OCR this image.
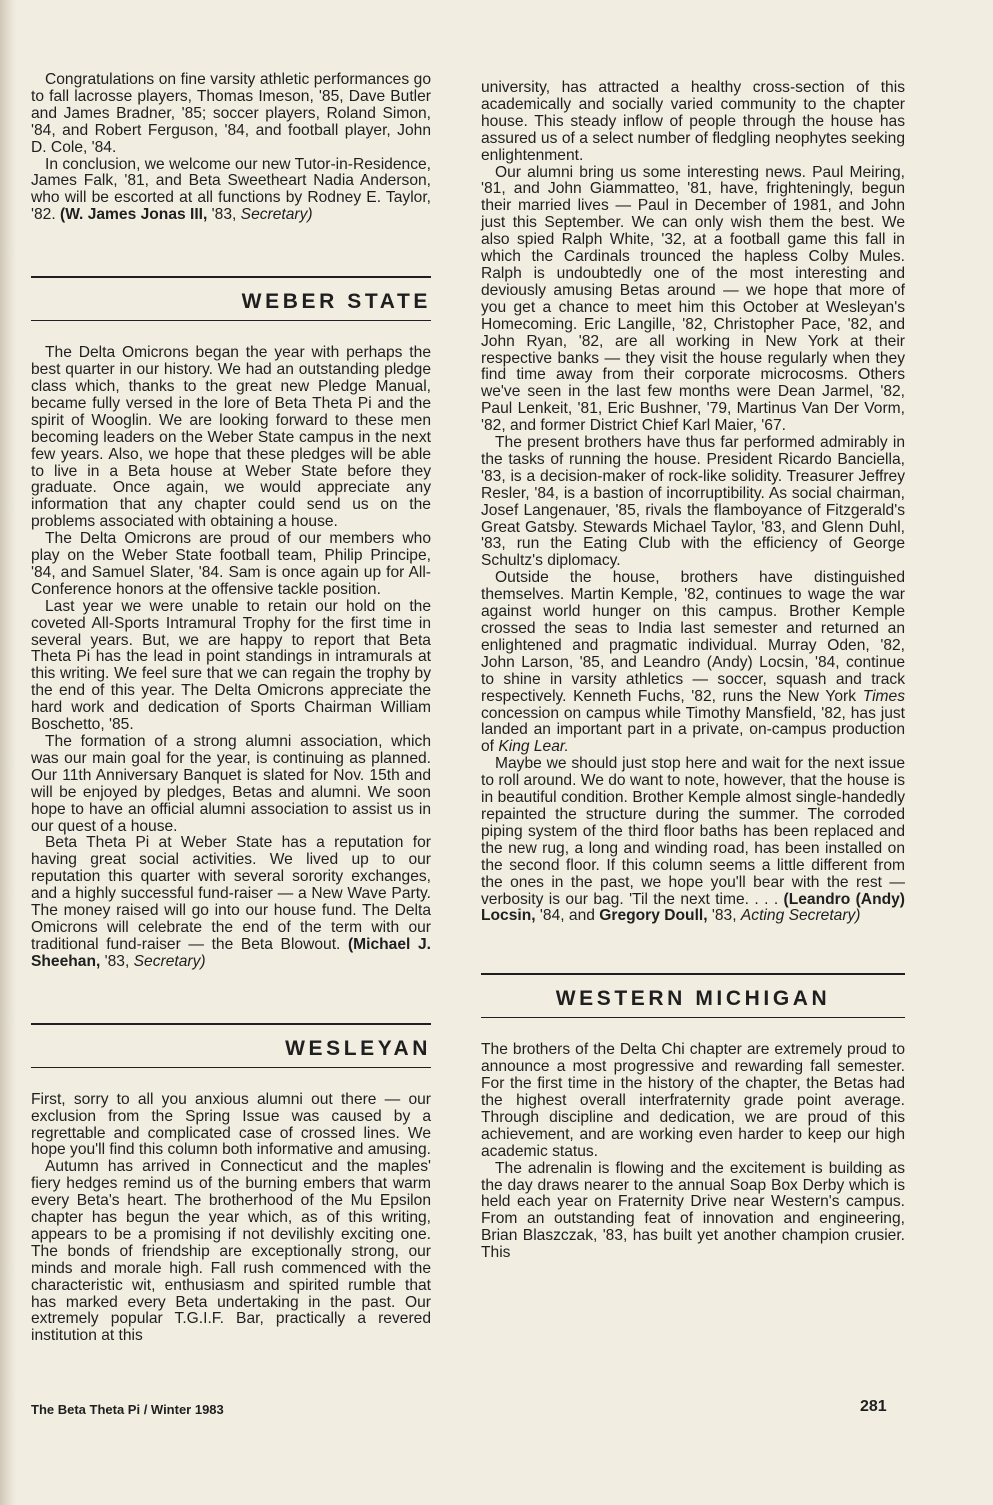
Congratulations on fine varsity athletic performances go to fall lacrosse players, Thomas Imeson, '85, Dave Butler and James Bradner, '85; soccer players, Roland Simon, '84, and Robert Ferguson, '84, and football player, John D. Cole, '84.

In conclusion, we welcome our new Tutor-in-Residence, James Falk, '81, and Beta Sweetheart Nadia Anderson, who will be escorted at all functions by Rodney E. Taylor, '82. (W. James Jonas III, '83, Secretary)

WEBER STATE

The Delta Omicrons began the year with perhaps the best quarter in our history. We had an outstanding pledge class which, thanks to the great new Pledge Manual, became fully versed in the lore of Beta Theta Pi and the spirit of Wooglin. We are looking forward to these men becoming leaders on the Weber State campus in the next few years. Also, we hope that these pledges will be able to live in a Beta house at Weber State before they graduate. Once again, we would appreciate any information that any chapter could send us on the problems associated with obtaining a house.

The Delta Omicrons are proud of our members who play on the Weber State football team, Philip Principe, '84, and Samuel Slater, '84. Sam is once again up for All-Conference honors at the offensive tackle position.

Last year we were unable to retain our hold on the coveted All-Sports Intramural Trophy for the first time in several years. But, we are happy to report that Beta Theta Pi has the lead in point standings in intramurals at this writing. We feel sure that we can regain the trophy by the end of this year. The Delta Omicrons appreciate the hard work and dedication of Sports Chairman William Boschetto, '85.

The formation of a strong alumni association, which was our main goal for the year, is continuing as planned. Our 11th Anniversary Banquet is slated for Nov. 15th and will be enjoyed by pledges, Betas and alumni. We soon hope to have an official alumni association to assist us in our quest of a house.

Beta Theta Pi at Weber State has a reputation for having great social activities. We lived up to our reputation this quarter with several sorority exchanges, and a highly successful fund-raiser — a New Wave Party. The money raised will go into our house fund. The Delta Omicrons will celebrate the end of the term with our traditional fund-raiser — the Beta Blowout. (Michael J. Sheehan, '83, Secretary)

WESLEYAN

First, sorry to all you anxious alumni out there — our exclusion from the Spring Issue was caused by a regrettable and complicated case of crossed lines. We hope you'll find this column both informative and amusing.

Autumn has arrived in Connecticut and the maples' fiery hedges remind us of the burning embers that warm every Beta's heart. The brotherhood of the Mu Epsilon chapter has begun the year which, as of this writing, appears to be a promising if not devilishly exciting one. The bonds of friendship are exceptionally strong, our minds and morale high. Fall rush commenced with the characteristic wit, enthusiasm and spirited rumble that has marked every Beta undertaking in the past. Our extremely popular T.G.I.F. Bar, practically a revered institution at this

university, has attracted a healthy cross-section of this academically and socially varied community to the chapter house. This steady inflow of people through the house has assured us of a select number of fledgling neophytes seeking enlightenment.

Our alumni bring us some interesting news. Paul Meiring, '81, and John Giammatteo, '81, have, frighteningly, begun their married lives — Paul in December of 1981, and John just this September. We can only wish them the best. We also spied Ralph White, '32, at a football game this fall in which the Cardinals trounced the hapless Colby Mules. Ralph is undoubtedly one of the most interesting and deviously amusing Betas around — we hope that more of you get a chance to meet him this October at Wesleyan's Homecoming. Eric Langille, '82, Christopher Pace, '82, and John Ryan, '82, are all working in New York at their respective banks — they visit the house regularly when they find time away from their corporate microcosms. Others we've seen in the last few months were Dean Jarmel, '82, Paul Lenkeit, '81, Eric Bushner, '79, Martinus Van Der Vorm, '82, and former District Chief Karl Maier, '67.

The present brothers have thus far performed admirably in the tasks of running the house. President Ricardo Banciella, '83, is a decision-maker of rock-like solidity. Treasurer Jeffrey Resler, '84, is a bastion of incorruptibility. As social chairman, Josef Langenauer, '85, rivals the flamboyance of Fitzgerald's Great Gatsby. Stewards Michael Taylor, '83, and Glenn Duhl, '83, run the Eating Club with the efficiency of George Schultz's diplomacy.

Outside the house, brothers have distinguished themselves. Martin Kemple, '82, continues to wage the war against world hunger on this campus. Brother Kemple crossed the seas to India last semester and returned an enlightened and pragmatic individual. Murray Oden, '82, John Larson, '85, and Leandro (Andy) Locsin, '84, continue to shine in varsity athletics — soccer, squash and track respectively. Kenneth Fuchs, '82, runs the New York Times concession on campus while Timothy Mansfield, '82, has just landed an important part in a private, on-campus production of King Lear.

Maybe we should just stop here and wait for the next issue to roll around. We do want to note, however, that the house is in beautiful condition. Brother Kemple almost single-handedly repainted the structure during the summer. The corroded piping system of the third floor baths has been replaced and the new rug, a long and winding road, has been installed on the second floor. If this column seems a little different from the ones in the past, we hope you'll bear with the rest — verbosity is our bag. 'Til the next time. . . . (Leandro (Andy) Locsin, '84, and Gregory Doull, '83, Acting Secretary)

WESTERN MICHIGAN

The brothers of the Delta Chi chapter are extremely proud to announce a most progressive and rewarding fall semester. For the first time in the history of the chapter, the Betas had the highest overall interfraternity grade point average. Through discipline and dedication, we are proud of this achievement, and are working even harder to keep our high academic status.

The adrenalin is flowing and the excitement is building as the day draws nearer to the annual Soap Box Derby which is held each year on Fraternity Drive near Western's campus. From an outstanding feat of innovation and engineering, Brian Blaszczak, '83, has built yet another champion crusier. This

The Beta Theta Pi / Winter 1983	281
